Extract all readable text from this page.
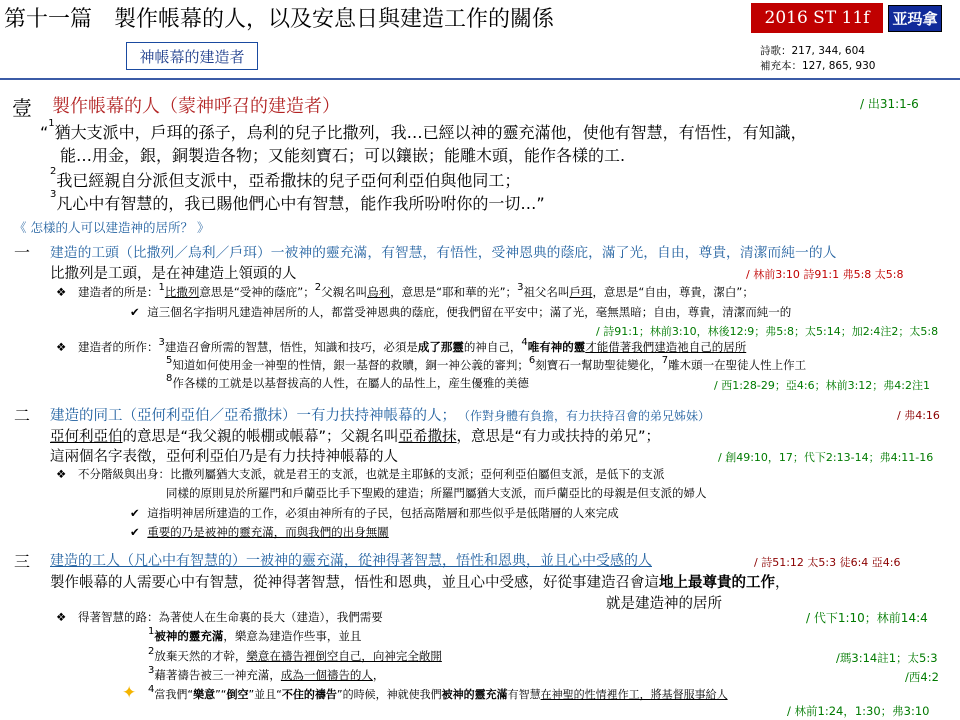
第十一篇　製作帳幕的人，以及安息日與建造工作的關係	2016 ST 11f	亚玛拿
神帳幕的建造者	詩歌：217, 344, 604
補充本：127, 865, 930
壹 製作帳幕的人（蒙神呼召的建造者）	/ 出31:1-6
“$^1$猶大支派中，戶珥的孫子，烏利的兒子比撒列，我…已經以神的靈充滿他，使他有智慧，有悟性，有知識，
能…用金，銀，銅製造各物；又能刻寶石；可以鑲嵌；能雕木頭，能作各樣的工.
$^2$我已經親自分派但支派中，亞希撒抹的兒子亞何利亞伯與他同工；
$^3$凡心中有智慧的，我已賜他們心中有智慧，能作我所吩咐你的一切…”
《 怎樣的人可以建造神的居所？ 》
一 建造的工頭（比撒列／烏利／戶珥）一被神的靈充滿，有智慧，有悟性，受神恩典的蔭庇，滿了光，自由，尊貴，清潔而純一的人
比撒列是工頭，是在神建造上領頭的人	/ 林前3:10 詩91:1 弗5:8 太5:8
❖ 建造者的所是：$^1$比撒列意思是“受神的蔭庇”；$^2$父親名叫烏利，意思是“耶和華的光”；$^3$祖父名叫戶珥，意思是“自由，尊貴，潔白”；
✔ 這三個名字指明凡建造神居所的人，都當受神恩典的蔭庇，便我們留在平安中；滿了光，毫無黑暗；自由，尊貴，清潔而純一的
/ 詩91:1；林前3:10，林後12:9；弗5:8；太5:14；加2:4注2；太5:8
❖ 建造者的所作：$^3$建造召會所需的智慧，悟性，知識和技巧，必須是成了那靈的神自己，$^4$唯有神的靈才能借著我們建造祂自己的居所
$^5$知道如何使用金一神聖的性情，銀一基督的救贖，銅一神公義的審判；$^6$刻寶石一幫助聖徒變化，$^7$雕木頭一在聖徒人性上作工
$^8$作各樣的工就是以基督拔高的人性，在屬人的品性上，産生優雅的美德	/ 西1:28-29；亞4:6；林前3:12；弗4:2注1
二 建造的同工（亞何利亞伯／亞希撒抹）一有力扶持神帳幕的人； （作對身體有負擔，有力扶持召會的弟兄姊妹）	/ 弗4:16
亞何利亞伯的意思是“我父親的帳棚或帳幕”；父親名叫亞希撒抹，意思是“有力或扶持的弟兄”；
這兩個名字表徵，亞何利亞伯乃是有力扶持神帳幕的人	/ 創49:10，17；代下2:13-14；弗4:11-16
❖ 不分階級與出身：比撒列屬猶大支派，就是君王的支派，也就是主耶穌的支派；亞何利亞伯屬但支派，是低下的支派
同樣的原則見於所羅門和戶蘭亞比手下聖殿的建造；所羅門屬猶大支派，而戶蘭亞比的母親是但支派的婦人
✔ 這指明神居所建造的工作，必須由神所有的子民，包括高階層和那些似乎是低階層的人來完成
✔ 重要的乃是被神的靈充滿，而與我們的出身無關
三 建造的工人（凡心中有智慧的）一被神的靈充滿，從神得著智慧，悟性和恩典，並且心中受感的人	/ 詩51:12 太5:3 徒6:4 亞4:6
製作帳幕的人需要心中有智慧，從神得著智慧，悟性和恩典，並且心中受感，好從事建造召會這地上最尊貴的工作，
就是建造神的居所
❖ 得著智慧的路：為著使人在生命裏的長大（建造），我們需要	/ 代下1:10；林前14:4
$^1$被神的靈充滿，樂意為建造作些事，並且
$^2$放棄天然的才幹，樂意在禱告裡倒空自己，向神完全敞開	/瑪3:14註1；太5:3
$^3$藉著禱告被三一神充滿，成為一個禱告的人，	/西4:2
✦ $^4$當我們“樂意”“倒空”並且“不住的禱告”的時候，神就使我們被神的靈充滿有智慧在神聖的性情裡作工，將基督服事給人
/ 林前1:24，1:30；弗3:10
